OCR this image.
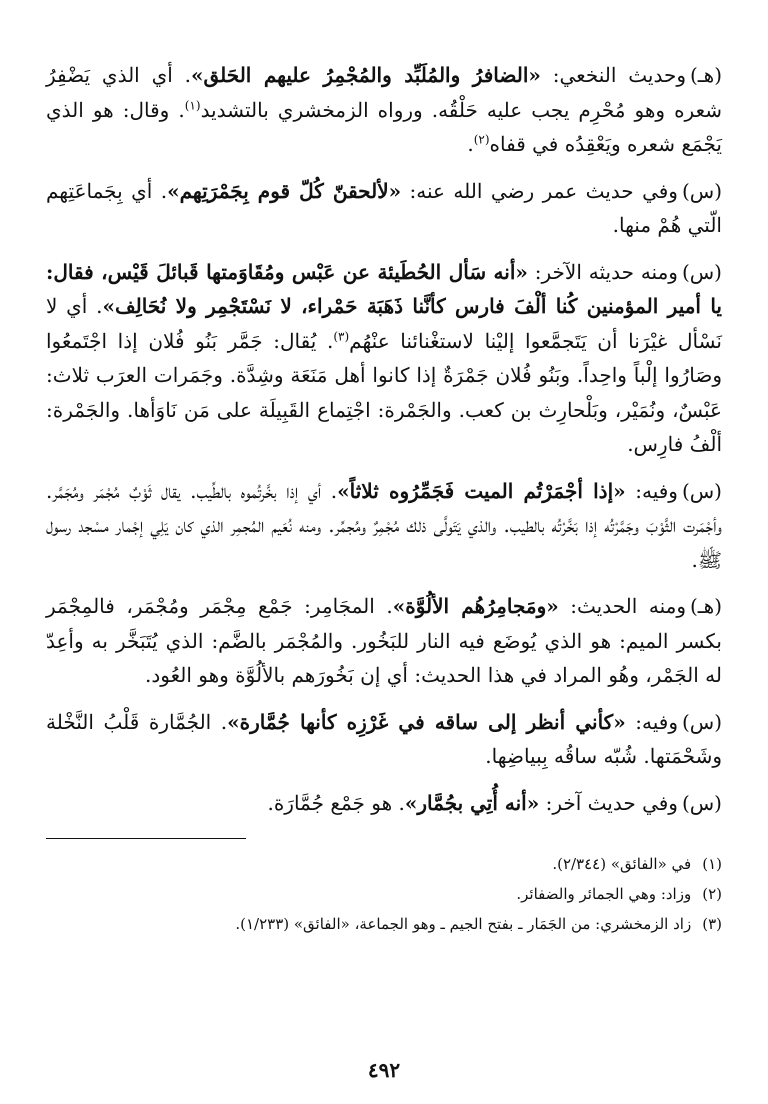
(هـ)وحديث النخعي: «الضافرُ والمُلَبِّد والمُجْمِرُ عليهم الحَلق». أي الذي يَضْفِرُ شعره وهو مُحْرِم يجب عليه حَلْقُه. ورواه الزمخشري بالتشديد$^{(١)}$. وقال: هو الذي يَجْمَع شعره ويَعْقِدُه في قفاه$^{(٢)}$.

(س)وفي حديث عمر رضي الله عنه: «لألحقنّ كُلّ قوم بِجَمْرَتِهم». أي بِجَماعَتِهم الّتي هُمْ منها.

(س)ومنه حديثه الآخر: «أنه سَأل الحُطَيئة عن عَبْس ومُقَاوَمتها قَبائلَ قَيْس، فقال: يا أمير المؤمنين كُنا ألْفَ فارس كأنَّنا ذَهَبَة حَمْراء، لا نَسْتَجْمِر ولا نُحَالِف». أي لا نَسْأل غيْرَنا أن يَتَجمَّعوا إليْنا لاستغْنائنا عنْهُم$^{(٣)}$. يُقال: جَمَّر بَنُو فُلان إذا اجْتَمعُوا وصَارُوا إلْباً واحِداً. وبَنُو فُلان جَمْرَةٌ إذا كانوا أهل مَنَعَة وشِدَّة. وجَمَرات العرَب ثلاث: عَبْسٌ، ونُمَيْر، وبَلْحارِث بن كعب. والجَمْرة: اجْتِماع القَبِيلَة على مَن نَاوَأها. والجَمْرة: ألْفُ فارِس.

(س)وفيه: «إذا أجْمَرْتُم الميت فَجَمِّرُوه ثلاثاً». أي إذا بخَّرتُموه بالطِّيب. يقال ثَوْبٌ مُجْمَر ومُجَمَّر. وأجْمَرت الثَّوْبَ وجَمَّرْتُه إذا بَخَّرْتُه بالطيب. والذي يَتَولَّى ذلك مُجْمِرٌ ومُجمِّر. ومنه نُعَيم المُجمِر الذي كان يَلِي إجْمار مسْجد رسول ﷺ.

(هـ)ومنه الحديث: «ومَجامِرُهُم الألُوَّة». المجَامِر: جَمْع مِجْمَر ومُجْمَر، فالمِجْمَر بكسر الميم: هو الذي يُوضَع فيه النار للبَخُور. والمُجْمَر بالضَّم: الذي يُتَبَخَّر به وأعِدّ له الجَمْر، وهُو المراد في هذا الحديث: أي إن بَخُورَهم بالألُوَّة وهو العُود.

(س)وفيه: «كأني أنظر إلى ساقه في غَرْزِه كأنها جُمَّارة». الجُمَّارة قَلْبُ النَّخْلة وشَحْمَتها. شُبّه ساقُه بِبياضِها.

(س)وفي حديث آخر: «أنه أُتِي بجُمَّار». هو جَمْع جُمَّارَة.

(١) في «الفائق» (٢/٣٤٤).

(٢) وزاد: وهي الجمائر والضفائر.

(٣) زاد الزمخشري: من الجَمَار ـ بفتح الجيم ـ وهو الجماعة، «الفائق» (١/٢٣٣).

٤٩٢
